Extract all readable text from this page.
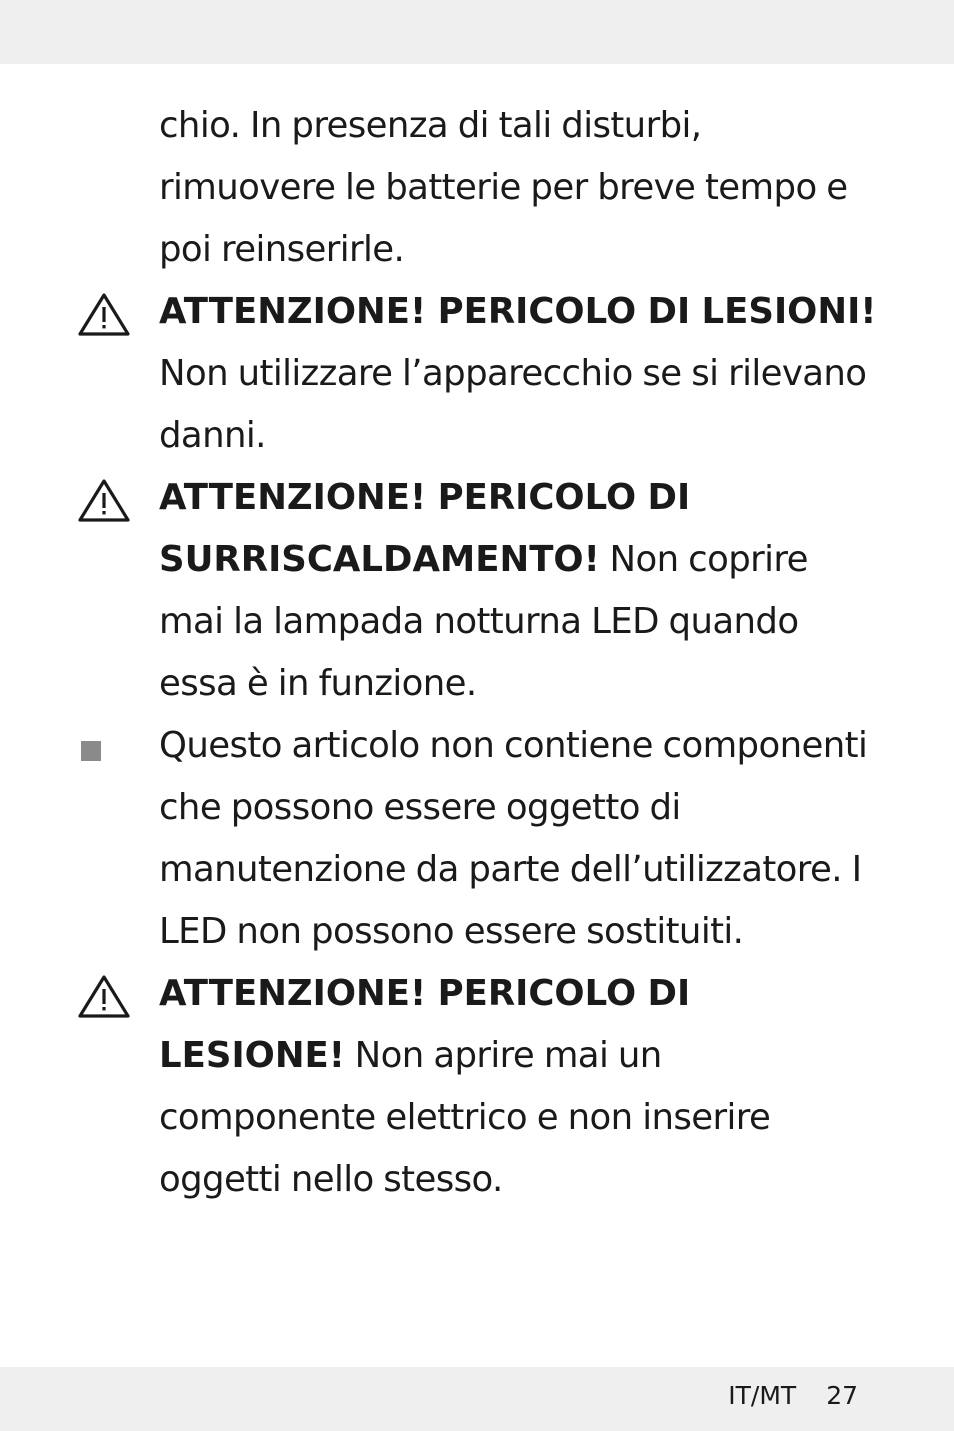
chio. In presenza di tali disturbi, rimuovere le batterie per breve tempo e poi reinserirle.

ATTENZIONE! PERICOLO DI LESIONI! Non utilizzare l’apparecchio se si rilevano danni.

ATTENZIONE! PERICOLO DI SURRISCALDAMENTO! Non coprire mai la lampada notturna LED quando essa è in funzione.

Questo articolo non contiene componenti che possono essere oggetto di manutenzione da parte dell’utilizzatore. I LED non possono essere sostituiti.

ATTENZIONE! PERICOLO DI LESIONE! Non aprire mai un componente elettrico e non inserire oggetti nello stesso.

IT/MT 27
